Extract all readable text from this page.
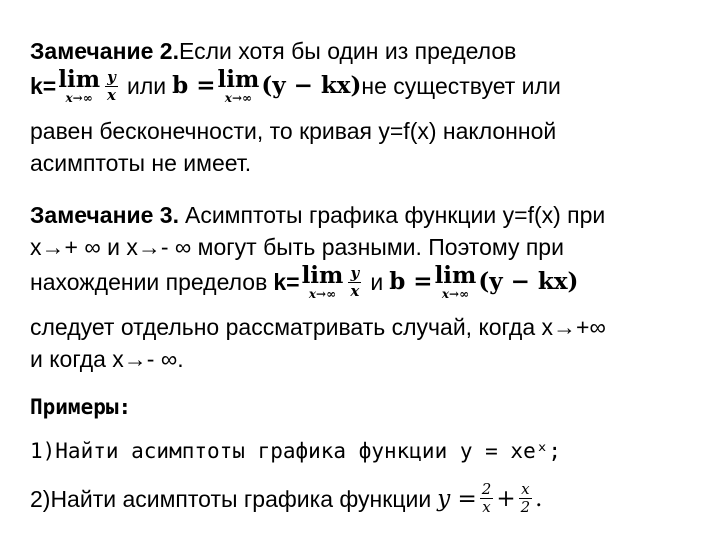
Замечание 2. Если хотя бы один из пределов
k= lim
$x\to\infty \frac{y}{x}$ или b = lim
x→∞ (y − kx) не существует или
равен бесконечности, то кривая y=f(x) наклонной
асимптоты не имеет.
Замечание 3. Асимптоты графика функции y=f(x) при
x→+ ∞ и x→- ∞ могут быть разными. Поэтому при
нахождении пределов k= lim
$x\to\infty \frac{y}{x}$ и b = lim
x→∞ (y − kx)
следует отдельно рассматривать случай, когда x→+∞
и когда x→- ∞.
Примеры:
1)Найти асимптоты графика функции y = xeˣ;
2)Найти асимптоты графика функции $y = \frac{2}{x} + \frac{x}{2}$ .
